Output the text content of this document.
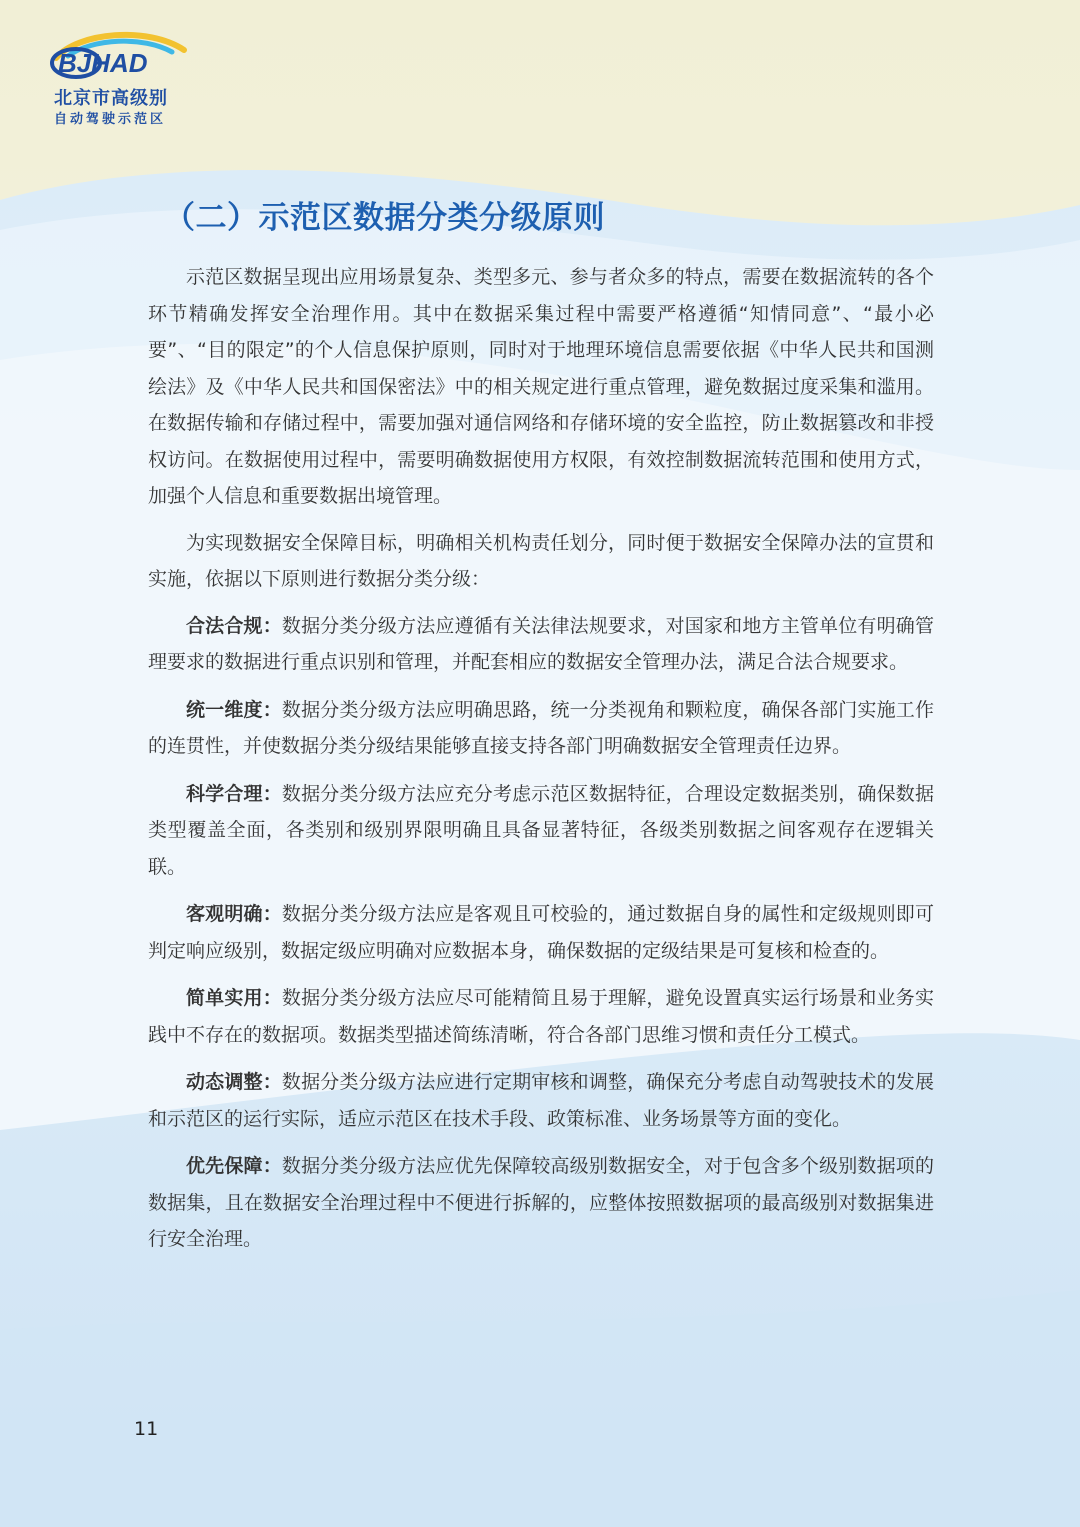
BJHAD
北京市高级别
自动驾驶示范区
（二）示范区数据分类分级原则

示范区数据呈现出应用场景复杂、类型多元、参与者众多的特点，需要在数据流转的各个环节精确发挥安全治理作用。其中在数据采集过程中需要严格遵循“知情同意”、“最小必要”、“目的限定”的个人信息保护原则，同时对于地理环境信息需要依据《中华人民共和国测绘法》及《中华人民共和国保密法》中的相关规定进行重点管理，避免数据过度采集和滥用。在数据传输和存储过程中，需要加强对通信网络和存储环境的安全监控，防止数据篡改和非授权访问。在数据使用过程中，需要明确数据使用方权限，有效控制数据流转范围和使用方式，加强个人信息和重要数据出境管理。

为实现数据安全保障目标，明确相关机构责任划分，同时便于数据安全保障办法的宣贯和实施，依据以下原则进行数据分类分级：

合法合规：数据分类分级方法应遵循有关法律法规要求，对国家和地方主管单位有明确管理要求的数据进行重点识别和管理，并配套相应的数据安全管理办法，满足合法合规要求。

统一维度：数据分类分级方法应明确思路，统一分类视角和颗粒度，确保各部门实施工作的连贯性，并使数据分类分级结果能够直接支持各部门明确数据安全管理责任边界。

科学合理：数据分类分级方法应充分考虑示范区数据特征，合理设定数据类别，确保数据类型覆盖全面，各类别和级别界限明确且具备显著特征，各级类别数据之间客观存在逻辑关联。

客观明确：数据分类分级方法应是客观且可校验的，通过数据自身的属性和定级规则即可判定响应级别，数据定级应明确对应数据本身，确保数据的定级结果是可复核和检查的。

简单实用：数据分类分级方法应尽可能精简且易于理解，避免设置真实运行场景和业务实践中不存在的数据项。数据类型描述简练清晰，符合各部门思维习惯和责任分工模式。

动态调整：数据分类分级方法应进行定期审核和调整，确保充分考虑自动驾驶技术的发展和示范区的运行实际，适应示范区在技术手段、政策标准、业务场景等方面的变化。

优先保障：数据分类分级方法应优先保障较高级别数据安全，对于包含多个级别数据项的数据集，且在数据安全治理过程中不便进行拆解的，应整体按照数据项的最高级别对数据集进行安全治理。

11
